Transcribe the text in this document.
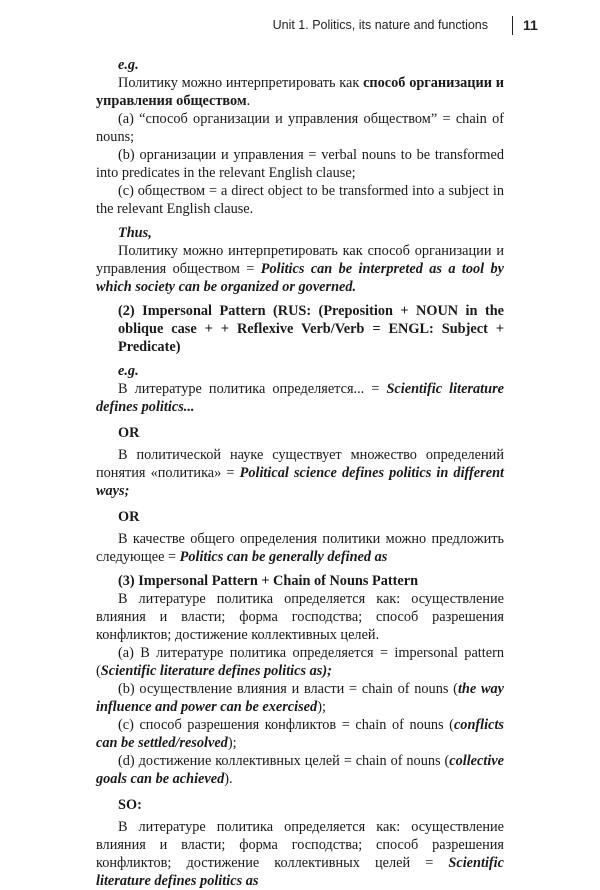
Unit 1. Politics, its nature and functions	11

e.g.

Политику можно интерпретировать как способ организации и управления обществом.

(a) “способ организации и управления обществом” = chain of nouns;

(b) организации и управления = verbal nouns to be transformed into predicates in the relevant English clause;

(c) обществом = a direct object to be transformed into a subject in the relevant English clause.

Thus,

Политику можно интерпретировать как способ организации и управления обществом = Politics can be interpreted as a tool by which society can be organized or governed.

(2) Impersonal Pattern (RUS: (Preposition + NOUN in the oblique case + + Reflexive Verb/Verb = ENGL: Subject + Predicate)

e.g.

В литературе политика определяется... = Scientific literature defines politics...

OR

В политической науке существует множество определений понятия «политика» = Political science defines politics in different ways;

OR

В качестве общего определения политики можно предложить следующее = Politics can be generally defined as

(3) Impersonal Pattern + Chain of Nouns Pattern

В литературе политика определяется как: осуществление влияния и власти; форма господства; способ разрешения конфликтов; достижение коллективных целей.

(a) В литературе политика определяется = impersonal pattern (Scientific literature defines politics as);

(b) осуществление влияния и власти = chain of nouns (the way influence and power can be exercised);

(c) способ разрешения конфликтов = chain of nouns (conflicts can be settled/resolved);

(d) достижение коллективных целей = chain of nouns (collective goals can be achieved).

SO:

В литературе политика определяется как: осуществление влияния и власти; форма господства; способ разрешения конфликтов; достижение коллективных целей = Scientific literature defines politics as
